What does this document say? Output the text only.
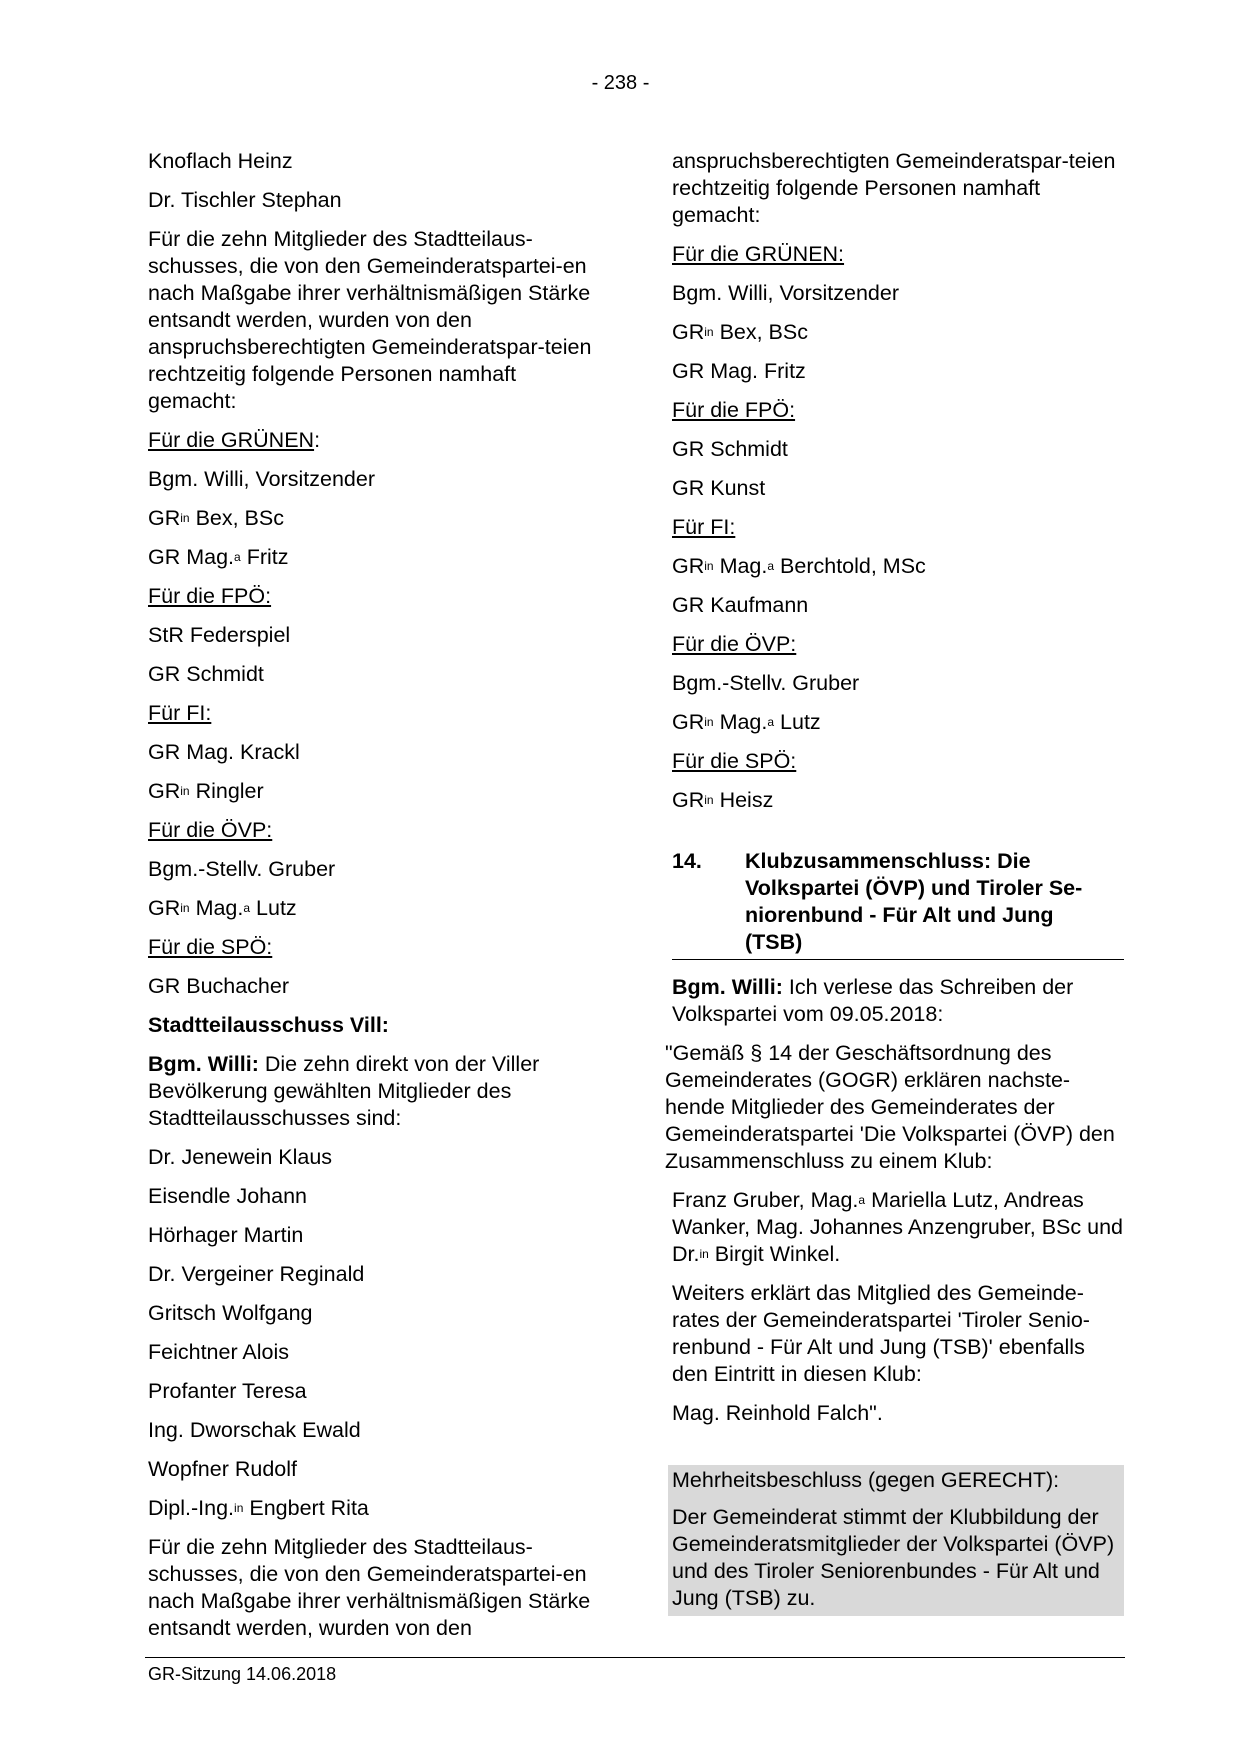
- 238 -

Knoflach Heinz

Dr. Tischler Stephan

Für die zehn Mitglieder des Stadtteilaus-schusses, die von den Gemeinderatspartei-en nach Maßgabe ihrer verhältnismäßigen Stärke entsandt werden, wurden von den anspruchsberechtigten Gemeinderatspar-teien rechtzeitig folgende Personen namhaft gemacht:

Für die GRÜNEN:

Bgm. Willi, Vorsitzender

$GR^{in}$ Bex, BSc

GR Mag.$^a$ Fritz

Für die FPÖ:

StR Federspiel

GR Schmidt

Für FI:

GR Mag. Krackl

$GR^{in}$ Ringler

Für die ÖVP:

Bgm.-Stellv. Gruber

$GR^{in}$ Mag.$^a$ Lutz

Für die SPÖ:

GR Buchacher

Stadtteilausschuss Vill:

Bgm. Willi: Die zehn direkt von der Viller Bevölkerung gewählten Mitglieder des Stadtteilausschusses sind:

Dr. Jenewein Klaus

Eisendle Johann

Hörhager Martin

Dr. Vergeiner Reginald

Gritsch Wolfgang

Feichtner Alois

Profanter Teresa

Ing. Dworschak Ewald

Wopfner Rudolf

Dipl.-Ing.$^{in}$ Engbert Rita

Für die zehn Mitglieder des Stadtteilaus-schusses, die von den Gemeinderatspartei-en nach Maßgabe ihrer verhältnismäßigen Stärke entsandt werden, wurden von den

anspruchsberechtigten Gemeinderatspar-teien rechtzeitig folgende Personen namhaft gemacht:

Für die GRÜNEN:

Bgm. Willi, Vorsitzender

$GR^{in}$ Bex, BSc

GR Mag. Fritz

Für die FPÖ:

GR Schmidt

GR Kunst

Für FI:

$GR^{in}$ Mag.$^a$ Berchtold, MSc

GR Kaufmann

Für die ÖVP:

Bgm.-Stellv. Gruber

$GR^{in}$ Mag.$^a$ Lutz

Für die SPÖ:

$GR^{in}$ Heisz

14.	Klubzusammenschluss: Die Volkspartei (ÖVP) und Tiroler Se-niorenbund - Für Alt und Jung (TSB)

Bgm. Willi: Ich verlese das Schreiben der Volkspartei vom 09.05.2018:

"Gemäß § 14 der Geschäftsordnung des Gemeinderates (GOGR) erklären nachste-hende Mitglieder des Gemeinderates der Gemeinderatspartei 'Die Volkspartei (ÖVP) den Zusammenschluss zu einem Klub:

Franz Gruber, Mag.$^a$ Mariella Lutz, Andreas Wanker, Mag. Johannes Anzengruber, BSc und Dr.$^{in}$ Birgit Winkel.

Weiters erklärt das Mitglied des Gemeinde-rates der Gemeinderatspartei 'Tiroler Senio-renbund - Für Alt und Jung (TSB)' ebenfalls den Eintritt in diesen Klub:

Mag. Reinhold Falch".

Mehrheitsbeschluss (gegen GERECHT):

Der Gemeinderat stimmt der Klubbildung der Gemeinderatsmitglieder der Volkspartei (ÖVP) und des Tiroler Seniorenbundes - Für Alt und Jung (TSB) zu.

GR-Sitzung 14.06.2018
